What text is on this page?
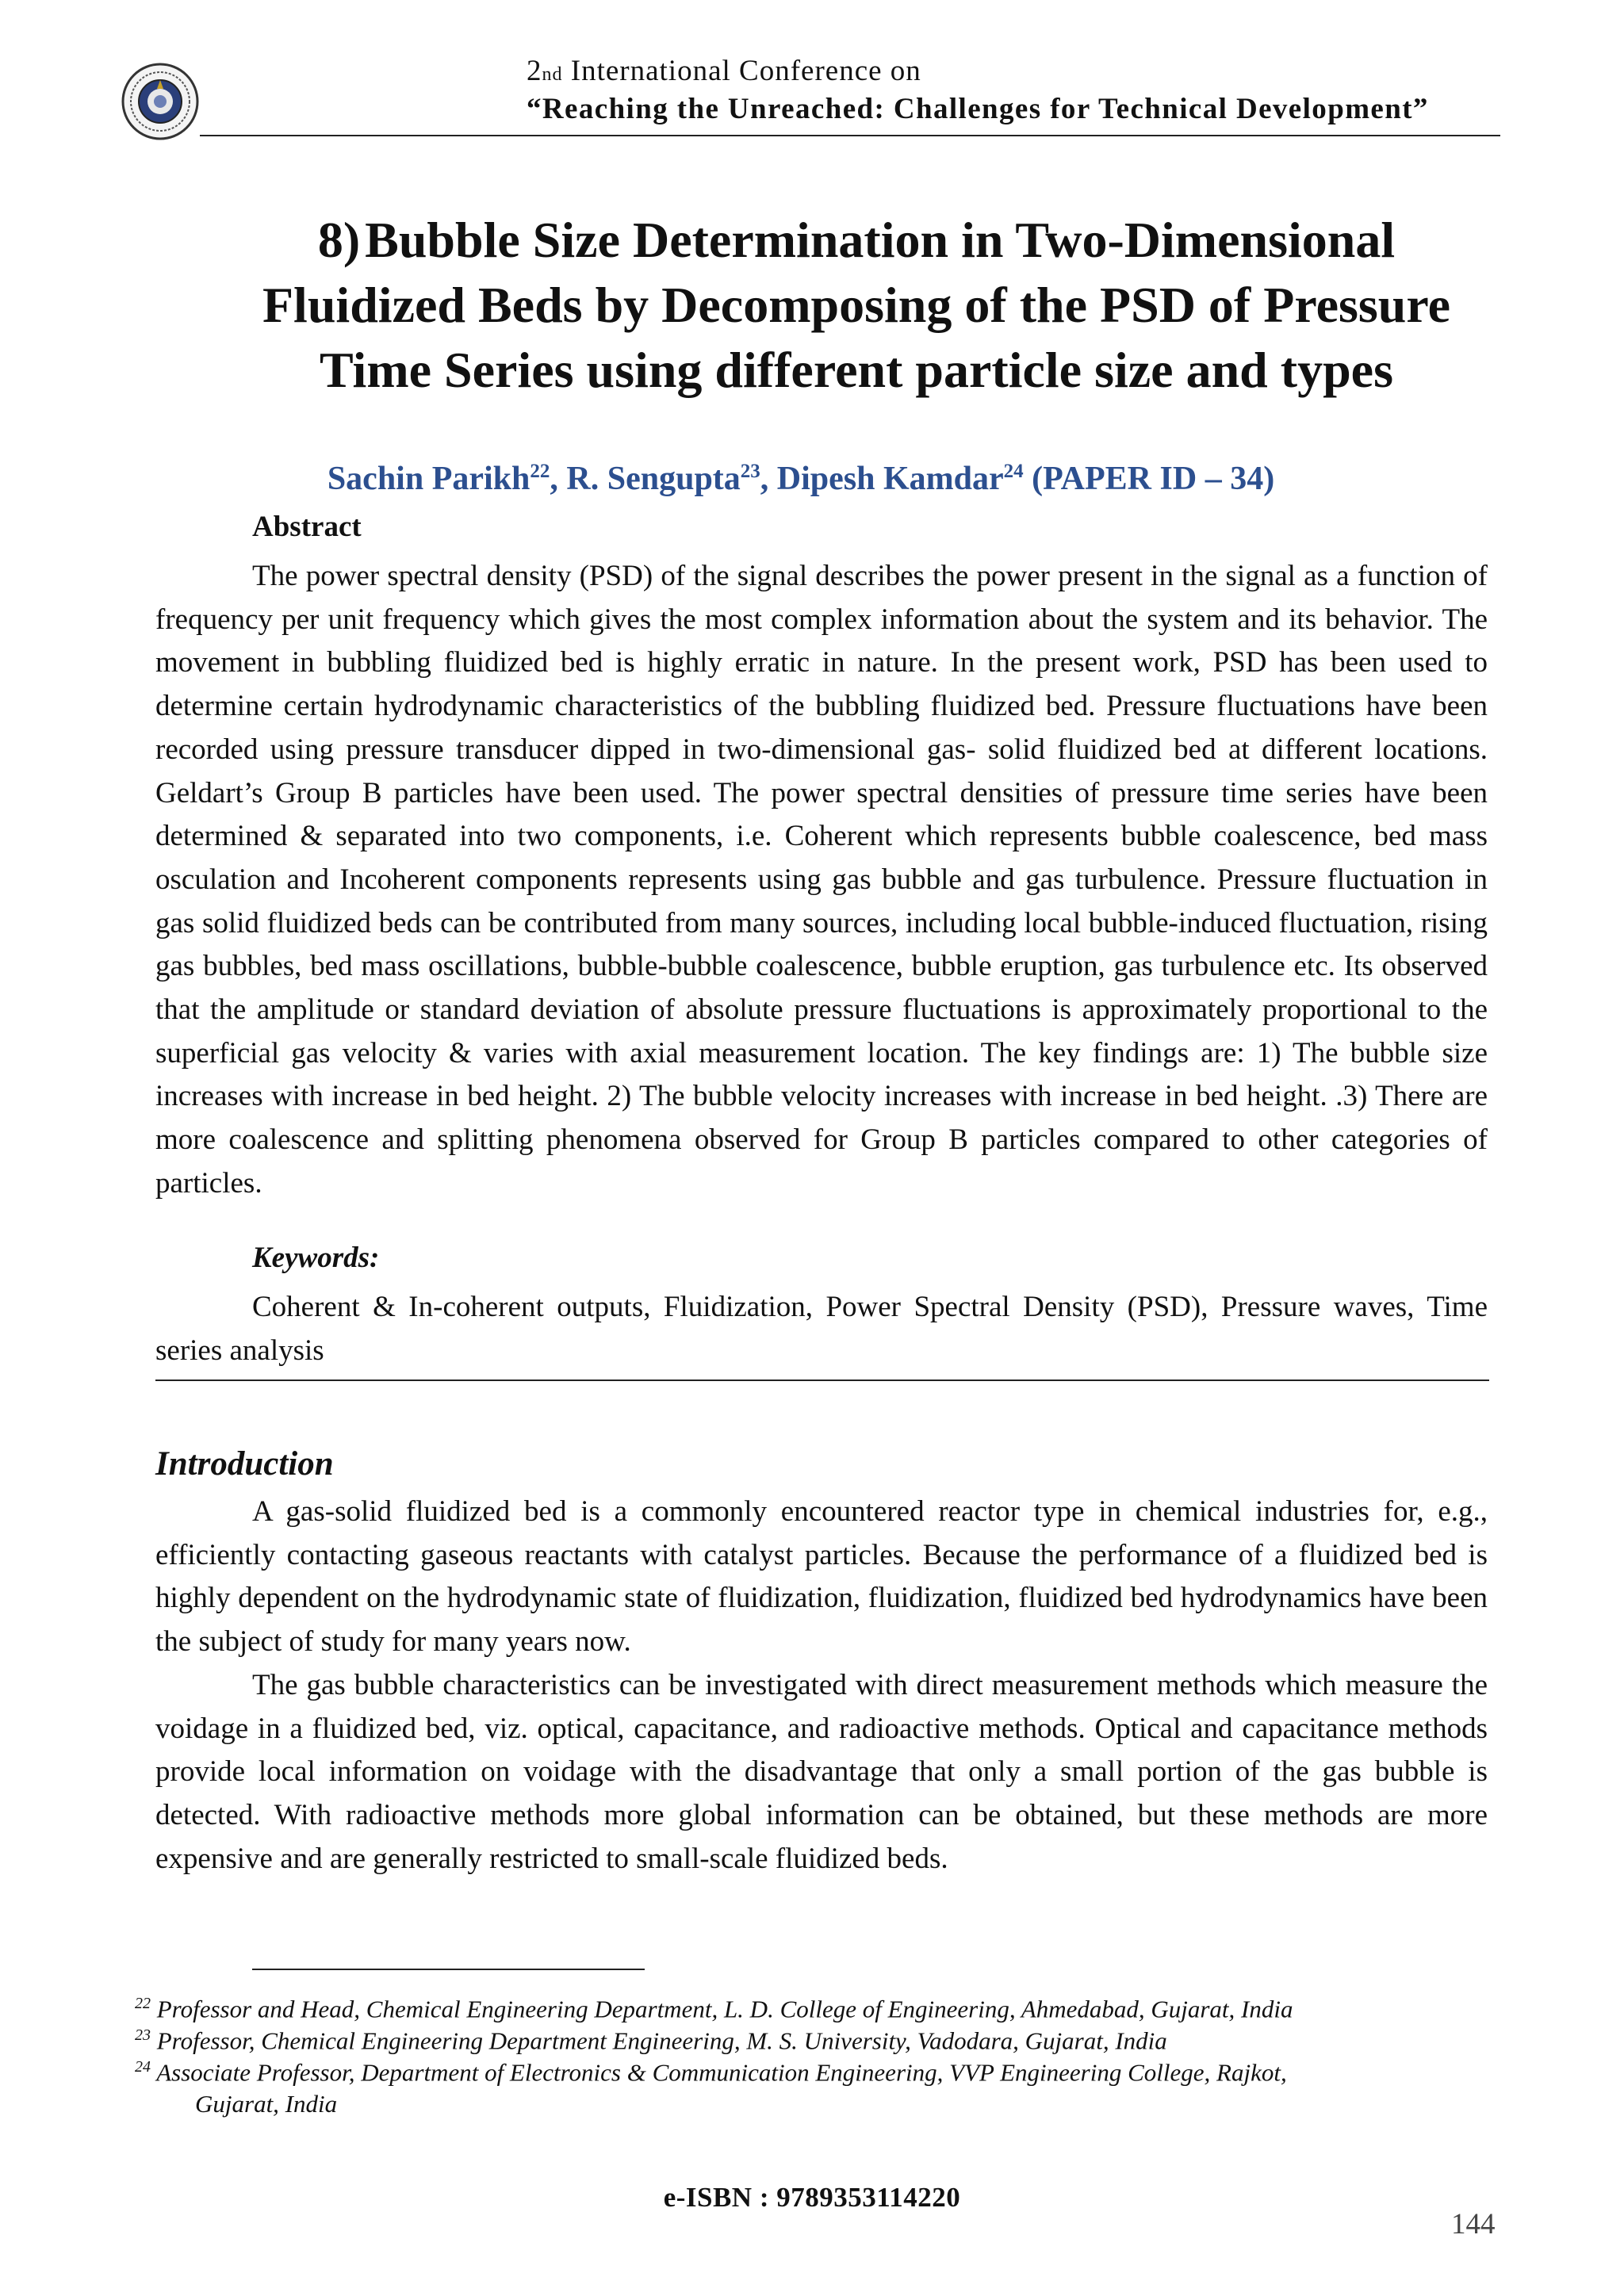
2nd International Conference on
“Reaching the Unreached: Challenges for Technical Development”
8)Bubble Size Determination in Two-Dimensional Fluidized Beds by Decomposing of the PSD of Pressure Time Series using different particle size and types
Sachin Parikh$^{22}$, R. Sengupta$^{23}$, Dipesh Kamdar$^{24}$ (PAPER ID – 34)
Abstract
The power spectral density (PSD) of the signal describes the power present in the signal as a function of frequency per unit frequency which gives the most complex information about the system and its behavior. The movement in bubbling fluidized bed is highly erratic in nature. In the present work, PSD has been used to determine certain hydrodynamic characteristics of the bubbling fluidized bed. Pressure fluctuations have been recorded using pressure transducer dipped in two-dimensional gas- solid fluidized bed at different locations. Geldart’s Group B particles have been used. The power spectral densities of pressure time series have been determined & separated into two components, i.e. Coherent which represents bubble coalescence, bed mass osculation and Incoherent components represents using gas bubble and gas turbulence. Pressure fluctuation in gas solid fluidized beds can be contributed from many sources, including local bubble-induced fluctuation, rising gas bubbles, bed mass oscillations, bubble-bubble coalescence, bubble eruption, gas turbulence etc. Its observed that the amplitude or standard deviation of absolute pressure fluctuations is approximately proportional to the superficial gas velocity & varies with axial measurement location. The key findings are: 1) The bubble size increases with increase in bed height. 2) The bubble velocity increases with increase in bed height. .3) There are more coalescence and splitting phenomena observed for Group B particles compared to other categories of particles.
Keywords:
Coherent & In-coherent outputs, Fluidization, Power Spectral Density (PSD), Pressure waves, Time series analysis
Introduction
A gas-solid fluidized bed is a commonly encountered reactor type in chemical industries for, e.g., efficiently contacting gaseous reactants with catalyst particles. Because the performance of a fluidized bed is highly dependent on the hydrodynamic state of fluidization, fluidization, fluidized bed hydrodynamics have been the subject of study for many years now.
The gas bubble characteristics can be investigated with direct measurement methods which measure the voidage in a fluidized bed, viz. optical, capacitance, and radioactive methods. Optical and capacitance methods provide local information on voidage with the disadvantage that only a small portion of the gas bubble is detected. With radioactive methods more global information can be obtained, but these methods are more expensive and are generally restricted to small-scale fluidized beds.
$^{22}$ Professor and Head, Chemical Engineering Department, L. D. College of Engineering, Ahmedabad, Gujarat, India
$^{23}$ Professor, Chemical Engineering Department Engineering, M. S. University, Vadodara, Gujarat, India
$^{24}$ Associate Professor, Department of Electronics & Communication Engineering, VVP Engineering College, Rajkot,
Gujarat, India
e-ISBN : 9789353114220
144
